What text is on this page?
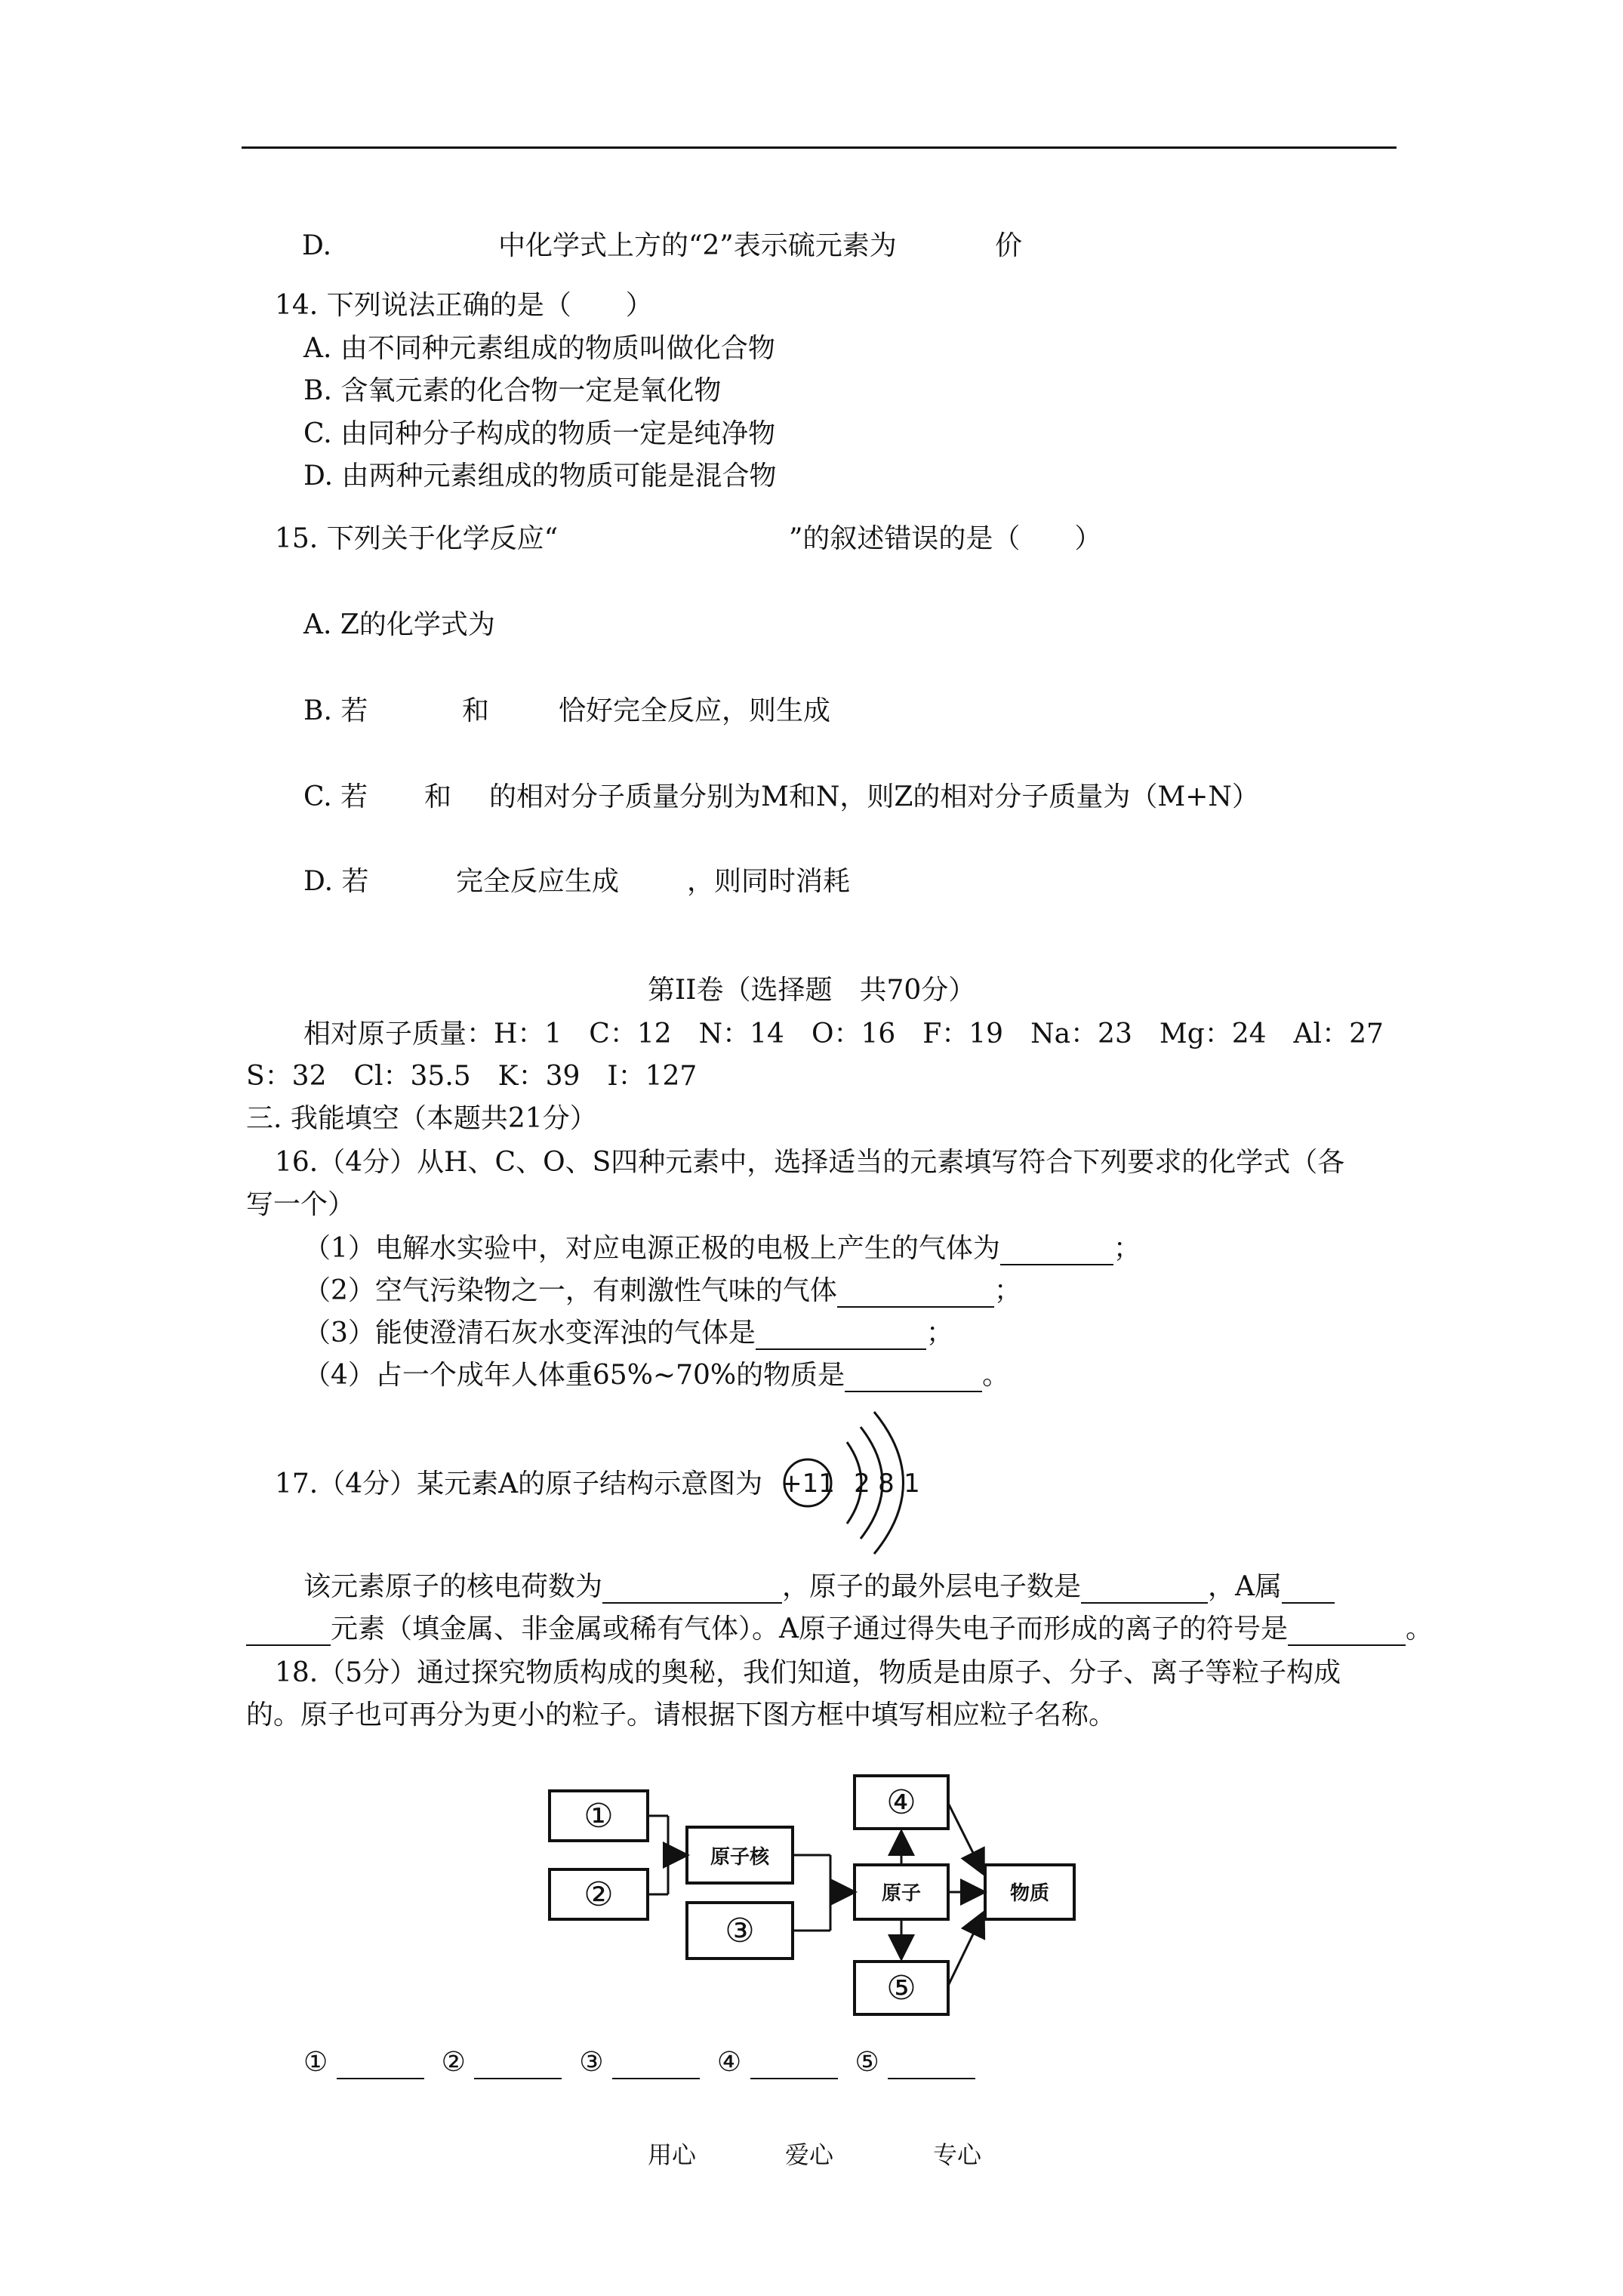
D.	中化学式上方的“2”表示硫元素为	价
14. 下列说法正确的是（　　）
A. 由不同种元素组成的物质叫做化合物
B. 含氧元素的化合物一定是氧化物
C. 由同种分子构成的物质一定是纯净物
D. 由两种元素组成的物质可能是混合物
15. 下列关于化学反应“	”的叙述错误的是（　　）
A. Z的化学式为
B. 若	和	恰好完全反应，则生成
C. 若 和 的相对分子质量分别为M和N，则Z的相对分子质量为（M+N）
D. 若	完全反应生成 ，则同时消耗
第II卷（选择题　共70分）
相对原子质量：H：1　C：12　N：14　O：16　F：19　Na：23　Mg：24　Al：27
S：32　Cl：35.5　K：39　I：127
三. 我能填空（本题共21分）
16.（4分）从H、C、O、S四种元素中，选择适当的元素填写符合下列要求的化学式（各
写一个）
（1）电解水实验中，对应电源正极的电极上产生的气体为	；
（2）空气污染物之一，有刺激性气味的气体	；
（3）能使澄清石灰水变浑浊的气体是	；
（4）占一个成年人体重65%~70%的物质是	。
17.（4分）某元素A的原子结构示意图为 +11 2 8 1
该元素原子的核电荷数为	，原子的最外层电子数是	，A属
元素（填金属、非金属或稀有气体）。A原子通过得失电子而形成的离子的符号是	。
18.（5分）通过探究物质构成的奥秘，我们知道，物质是由原子、分子、离子等粒子构成
的。原子也可再分为更小的粒子。请根据下图方框中填写相应粒子名称。
①
②
原子核
③
④
原子
⑤
物质
①	②	③	④	⑤
用心	爱心	专心
